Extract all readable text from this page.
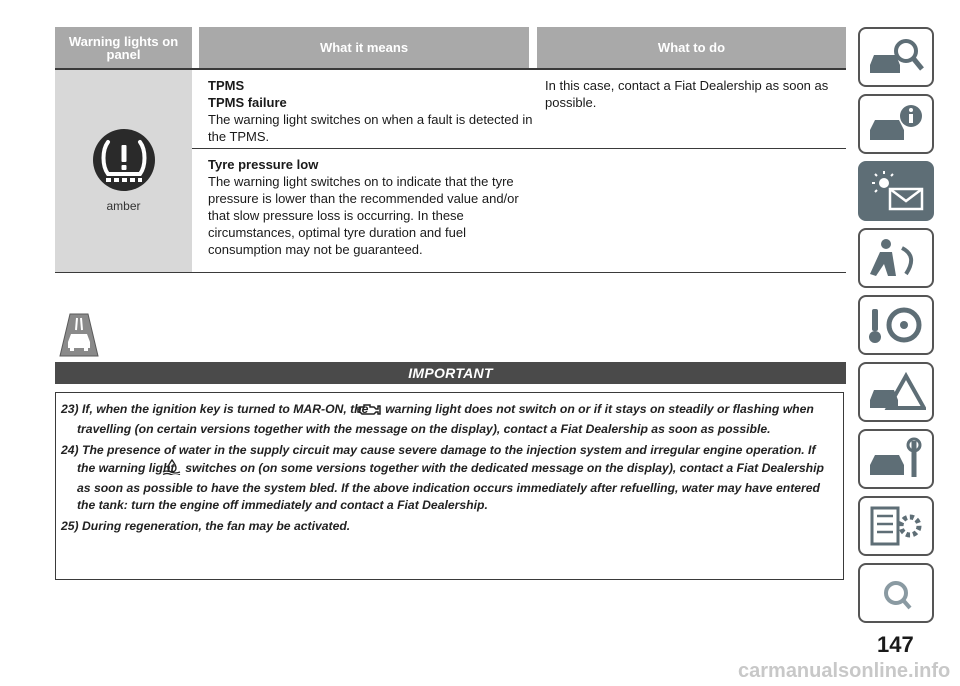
Warning lights on panel	What it means	What to do
amber
TPMS
TPMS failure
The warning light switches on when a fault is detected in the TPMS.
In this case, contact a Fiat Dealership as soon as possible.
Tyre pressure low
The warning light switches on to indicate that the tyre pressure is lower than the recommended value and/or that slow pressure loss is occurring. In these circumstances, optimal tyre duration and fuel consumption may not be guaranteed.
IMPORTANT
23) If, when the ignition key is turned to MAR-ON, the warning light does not switch on or if it stays on steadily or flashing when travelling (on certain versions together with the message on the display), contact a Fiat Dealership as soon as possible.
24) The presence of water in the supply circuit may cause severe damage to the injection system and irregular engine operation. If the warning light switches on (on some versions together with the dedicated message on the display), contact a Fiat Dealership as soon as possible to have the system bled. If the above indication occurs immediately after refuelling, water may have entered the tank: turn the engine off immediately and contact a Fiat Dealership.
25) During regeneration, the fan may be activated.
147
carmanualsonline.info
